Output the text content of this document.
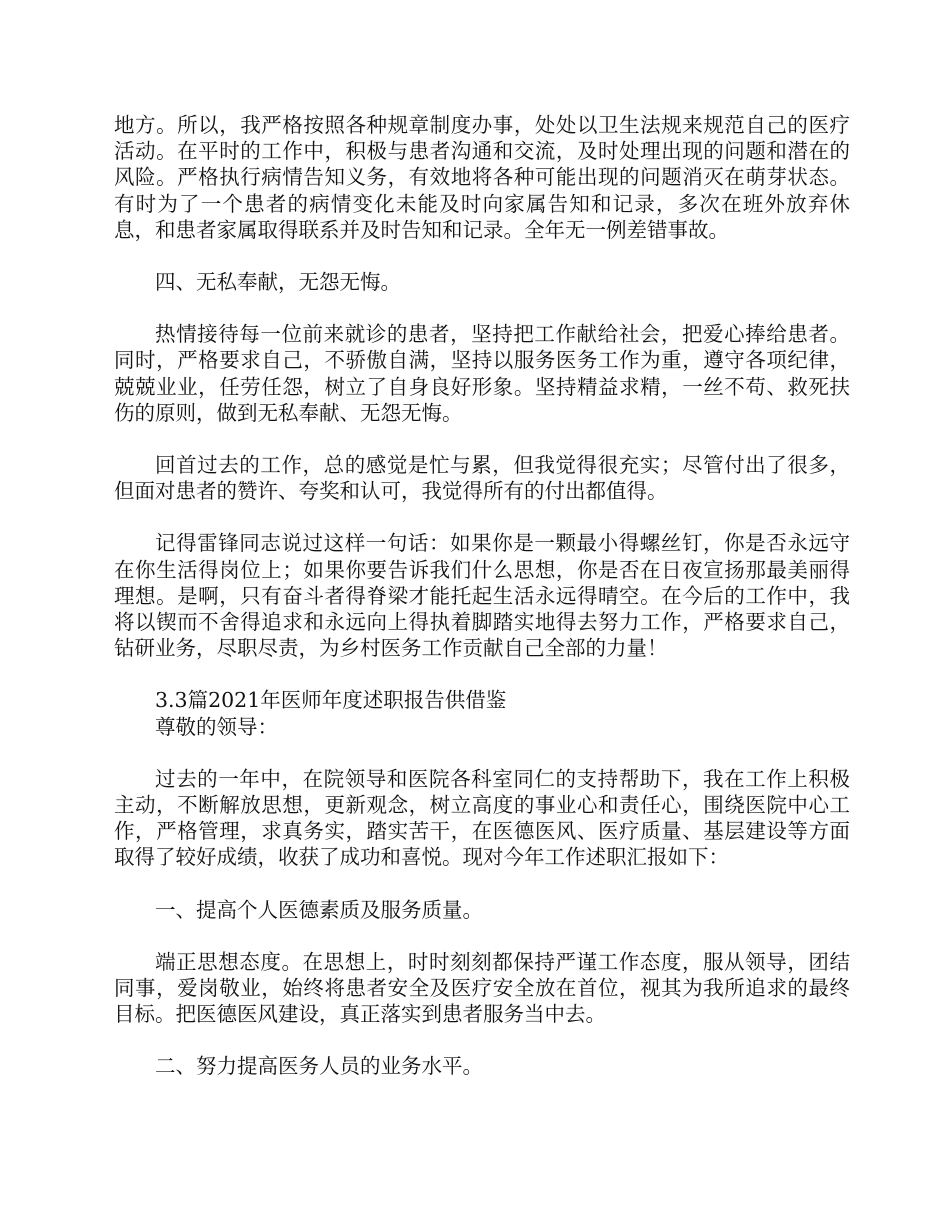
地方。所以，我严格按照各种规章制度办事，处处以卫生法规来规范自己的医疗活动。在平时的工作中，积极与患者沟通和交流，及时处理出现的问题和潜在的风险。严格执行病情告知义务，有效地将各种可能出现的问题消灭在萌芽状态。有时为了一个患者的病情变化未能及时向家属告知和记录，多次在班外放弃休息，和患者家属取得联系并及时告知和记录。全年无一例差错事故。

四、无私奉献，无怨无悔。

热情接待每一位前来就诊的患者，坚持把工作献给社会，把爱心捧给患者。同时，严格要求自己，不骄傲自满，坚持以服务医务工作为重，遵守各项纪律，兢兢业业，任劳任怨，树立了自身良好形象。坚持精益求精，一丝不苟、救死扶伤的原则，做到无私奉献、无怨无悔。

回首过去的工作，总的感觉是忙与累，但我觉得很充实；尽管付出了很多，但面对患者的赞许、夸奖和认可，我觉得所有的付出都值得。

记得雷锋同志说过这样一句话：如果你是一颗最小得螺丝钉，你是否永远守在你生活得岗位上；如果你要告诉我们什么思想，你是否在日夜宣扬那最美丽得理想。是啊，只有奋斗者得脊梁才能托起生活永远得晴空。在今后的工作中，我将以锲而不舍得追求和永远向上得执着脚踏实地得去努力工作，严格要求自己，钻研业务，尽职尽责，为乡村医务工作贡献自己全部的力量！

3.3篇2021年医师年度述职报告供借鉴

尊敬的领导：

过去的一年中，在院领导和医院各科室同仁的支持帮助下，我在工作上积极主动，不断解放思想，更新观念，树立高度的事业心和责任心，围绕医院中心工作，严格管理，求真务实，踏实苦干，在医德医风、医疗质量、基层建设等方面取得了较好成绩，收获了成功和喜悦。现对今年工作述职汇报如下：

一、提高个人医德素质及服务质量。

端正思想态度。在思想上，时时刻刻都保持严谨工作态度，服从领导，团结同事，爱岗敬业，始终将患者安全及医疗安全放在首位，视其为我所追求的最终目标。把医德医风建设，真正落实到患者服务当中去。

二、努力提高医务人员的业务水平。
